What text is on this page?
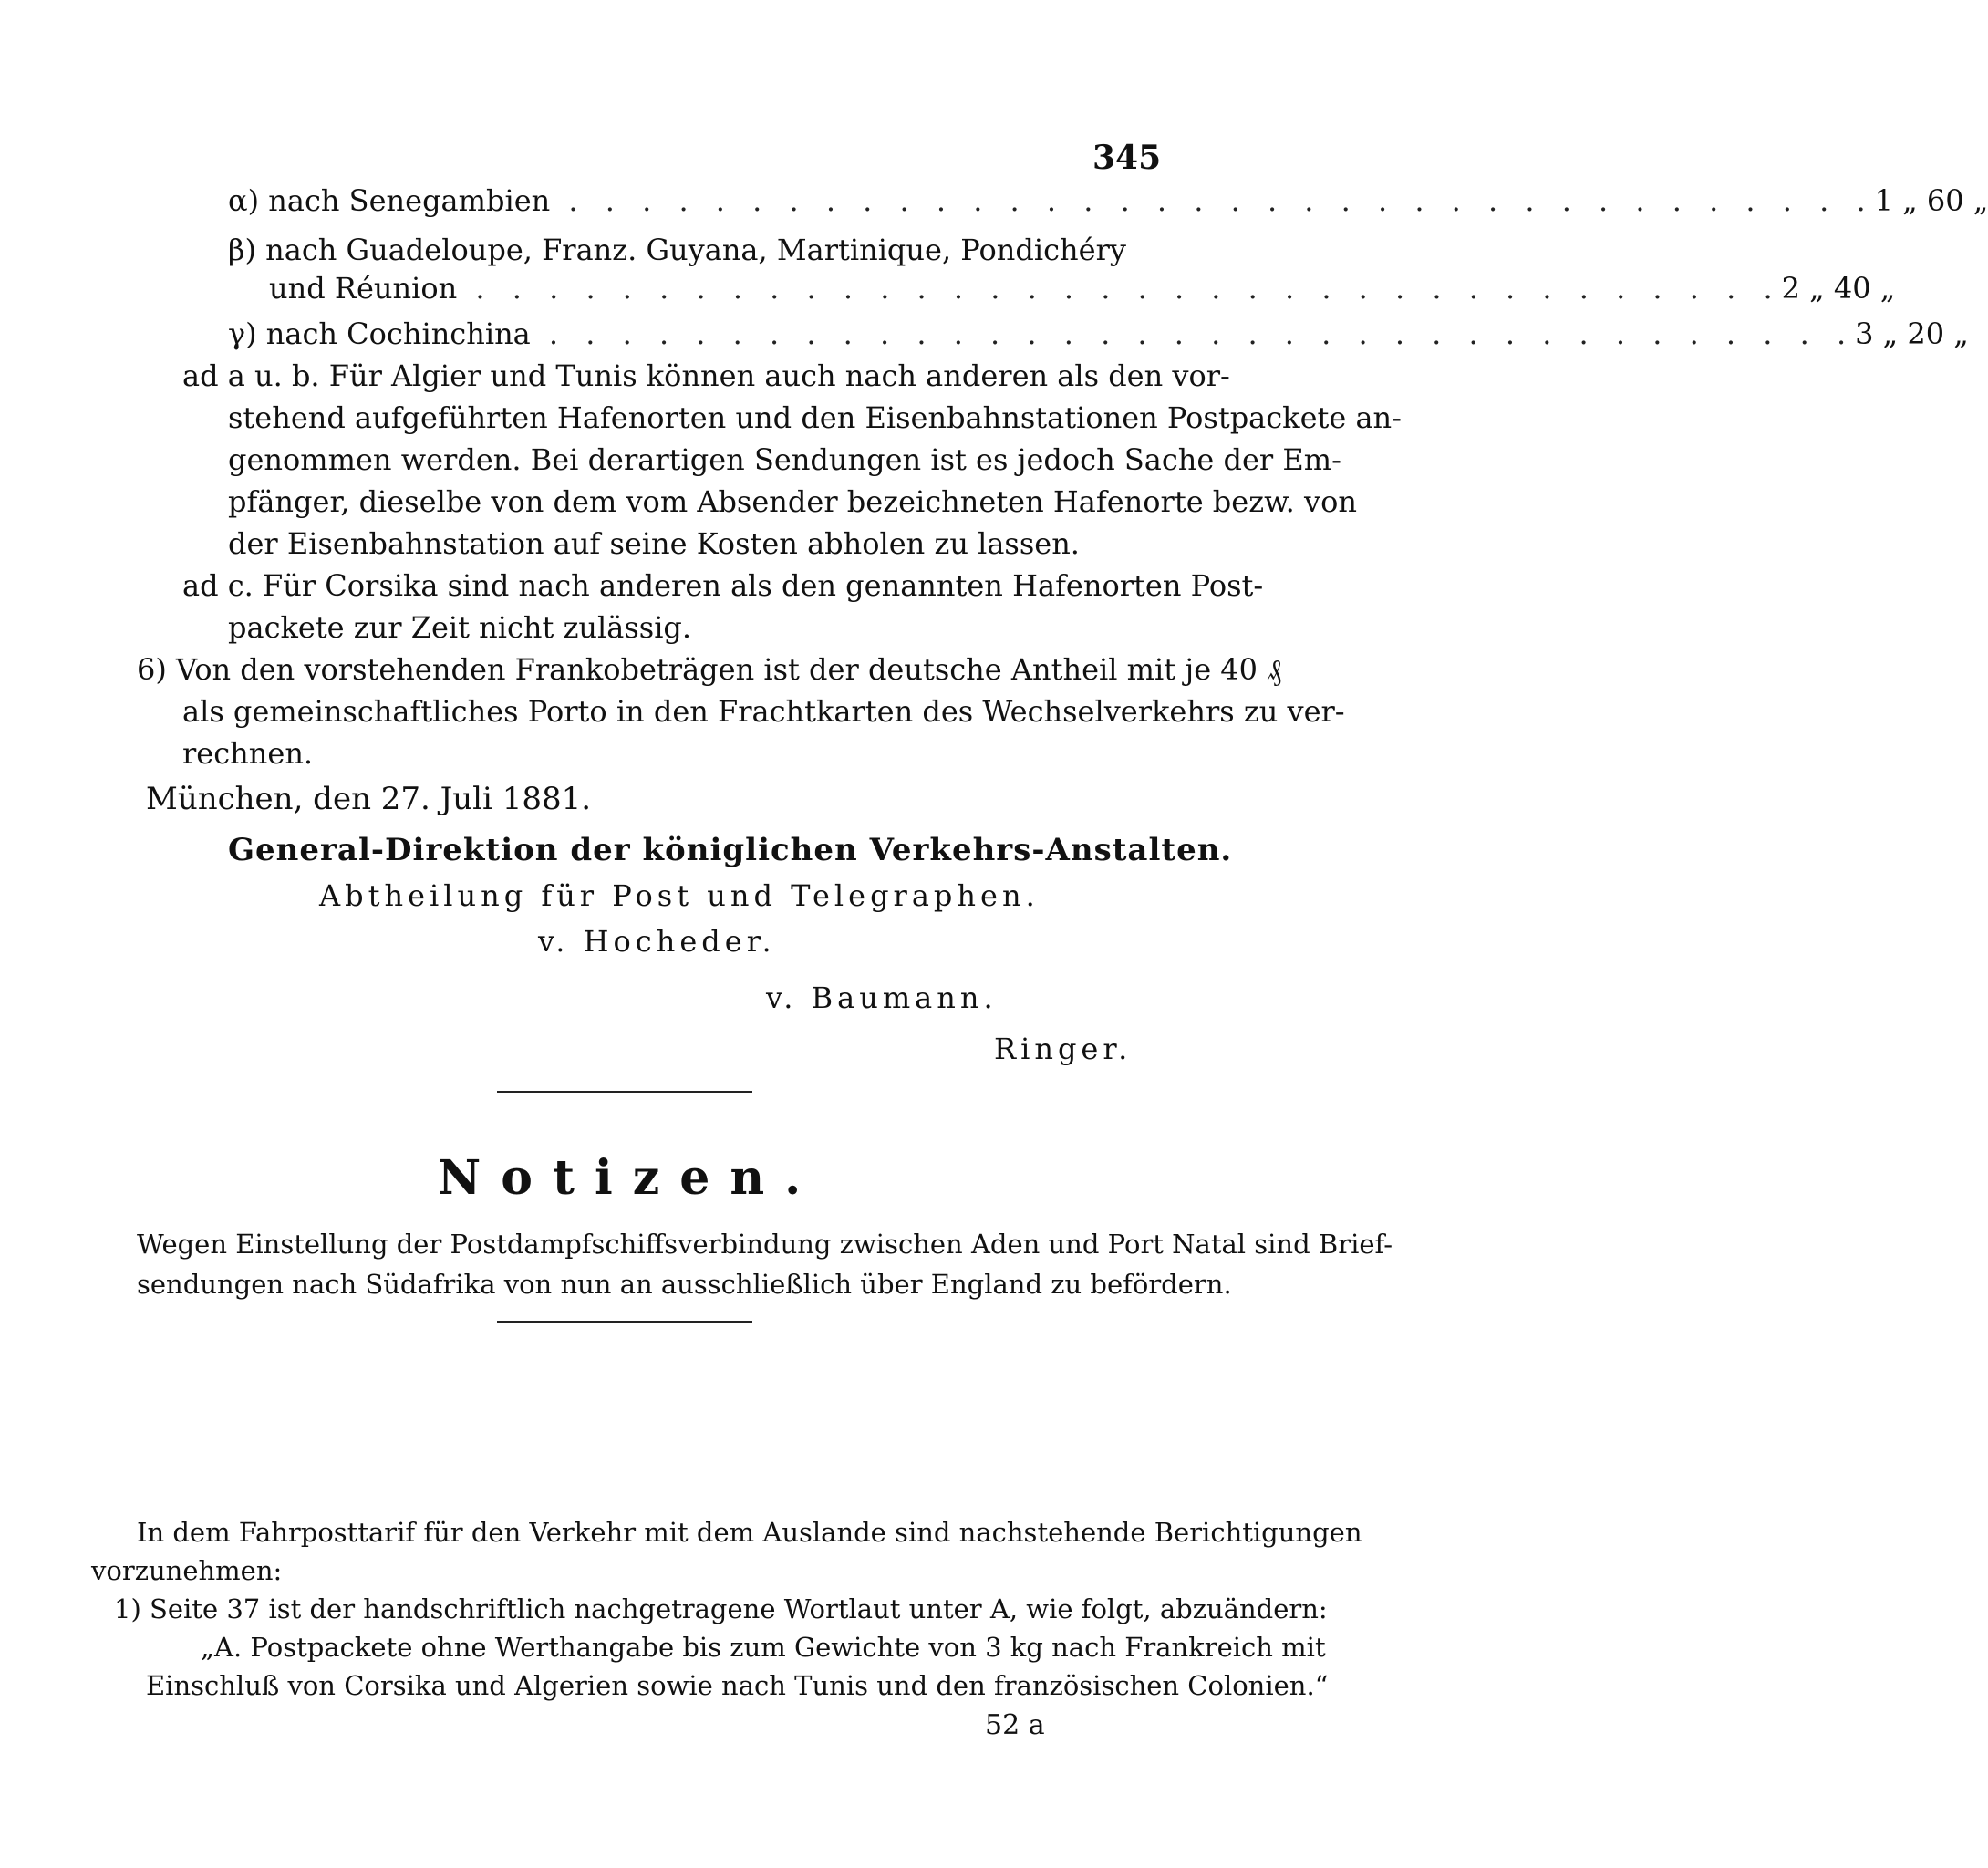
345
α) nach Senegambien . . . . . . . . . . . . . . . . . . . . . . . . . . . . . . . . . . . . 1 „ 60 „
β) nach Guadeloupe, Franz. Guyana, Martinique, Pondichéry
und Réunion . . . . . . . . . . . . . . . . . . . . . . . . . . . . . . . . . . . . 2 „ 40 „
γ) nach Cochinchina . . . . . . . . . . . . . . . . . . . . . . . . . . . . . . . . . . . . 3 „ 20 „
ad a u. b. Für Algier und Tunis können auch nach anderen als den vor-
stehend aufgeführten Hafenorten und den Eisenbahnstationen Postpackete an-
genommen werden. Bei derartigen Sendungen ist es jedoch Sache der Em-
pfänger, dieselbe von dem vom Absender bezeichneten Hafenorte bezw. von
der Eisenbahnstation auf seine Kosten abholen zu lassen.
ad c. Für Corsika sind nach anderen als den genannten Hafenorten Post-
packete zur Zeit nicht zulässig.
6) Von den vorstehenden Frankobeträgen ist der deutsche Antheil mit je 40 ₰
als gemeinschaftliches Porto in den Frachtkarten des Wechselverkehrs zu ver-
rechnen.
München, den 27. Juli 1881.
General-Direktion der königlichen Verkehrs-Anstalten.
Abtheilung für Post und Telegraphen.
v. Hocheder.
v. Baumann.
Ringer.
Notizen.
Wegen Einstellung der Postdampfschiffsverbindung zwischen Aden und Port Natal sind Brief-
sendungen nach Südafrika von nun an ausschließlich über England zu befördern.
In dem Fahrposttarif für den Verkehr mit dem Auslande sind nachstehende Berichtigungen
vorzunehmen:
1) Seite 37 ist der handschriftlich nachgetragene Wortlaut unter A, wie folgt, abzuändern:
„A. Postpackete ohne Werthangabe bis zum Gewichte von 3 kg nach Frankreich mit
Einschluß von Corsika und Algerien sowie nach Tunis und den französischen Colonien.“
52 a
